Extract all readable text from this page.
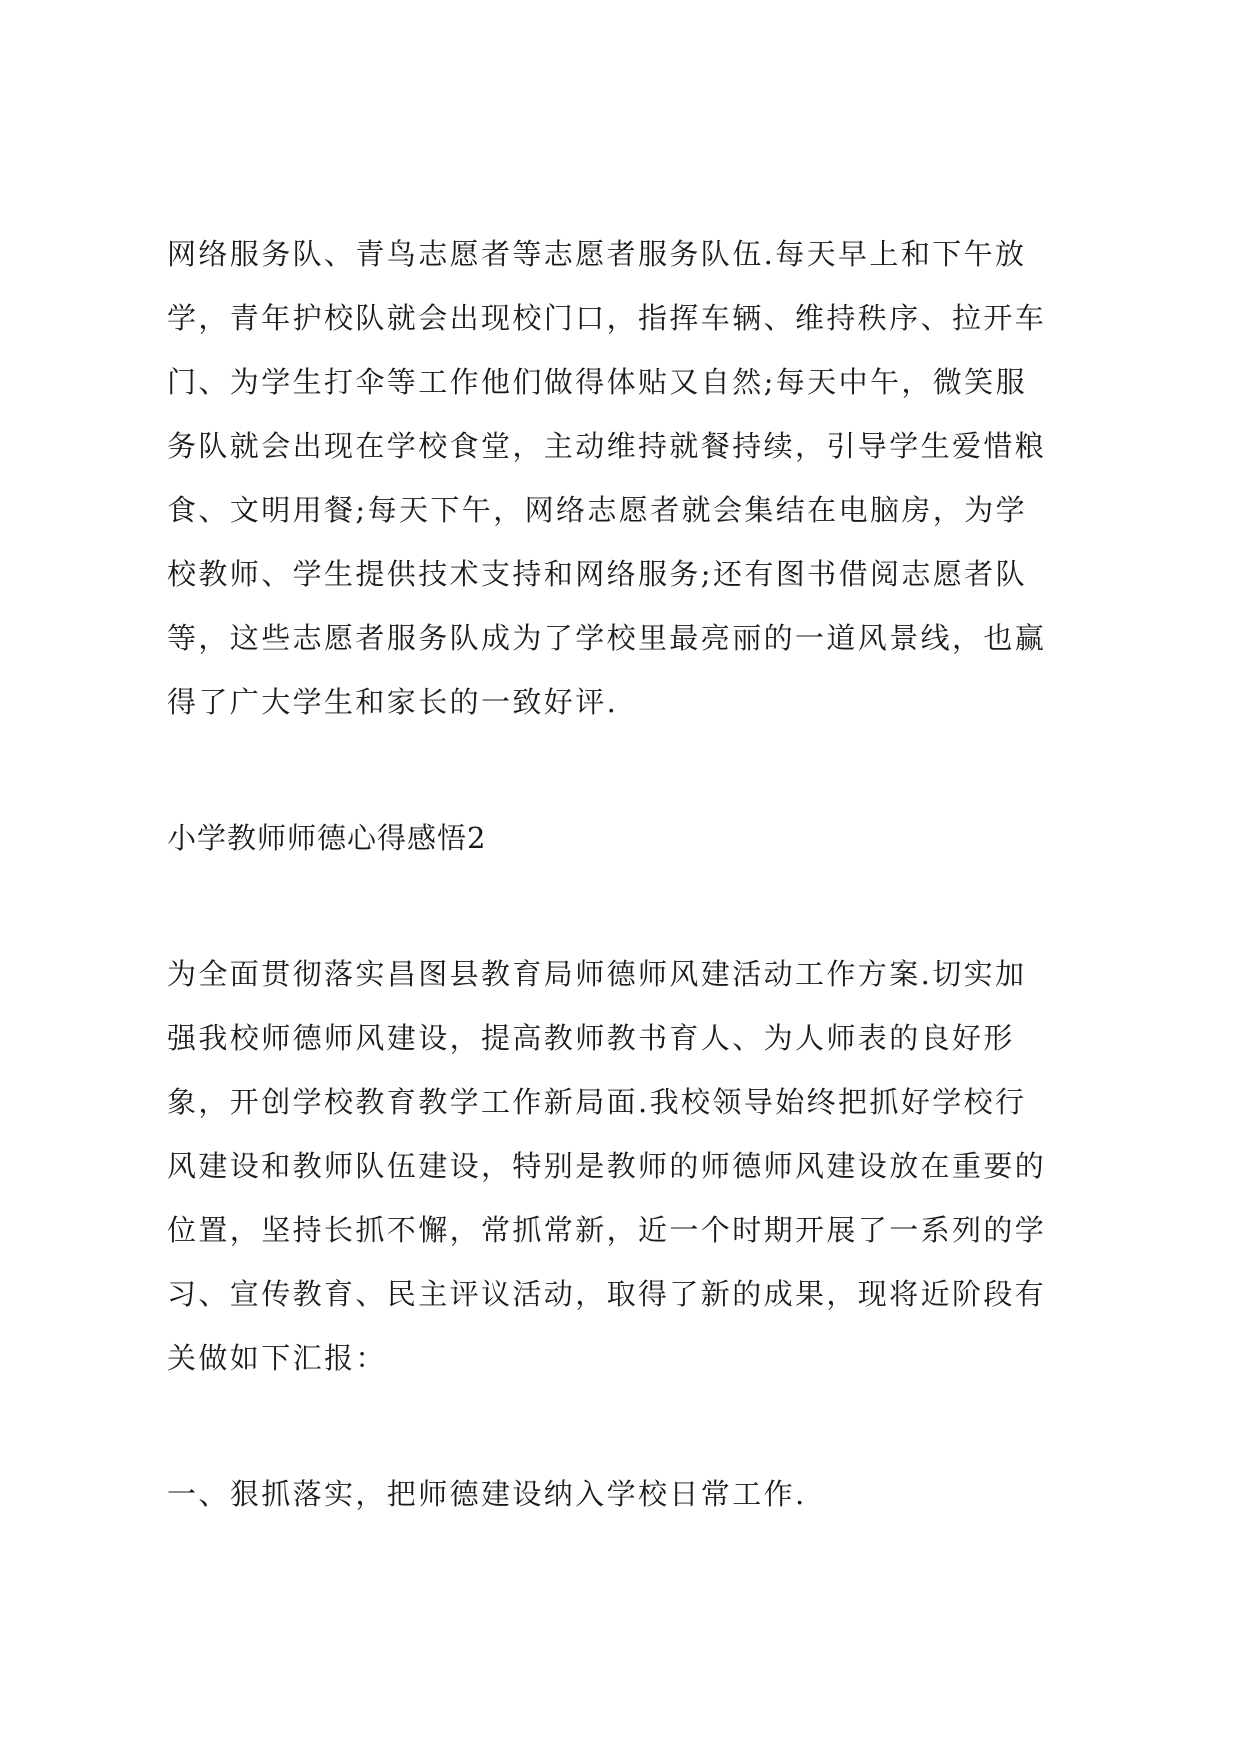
网络服务队、青鸟志愿者等志愿者服务队伍.每天早上和下午放
学，青年护校队就会出现校门口，指挥车辆、维持秩序、拉开车
门、为学生打伞等工作他们做得体贴又自然;每天中午，微笑服
务队就会出现在学校食堂，主动维持就餐持续，引导学生爱惜粮
食、文明用餐;每天下午，网络志愿者就会集结在电脑房，为学
校教师、学生提供技术支持和网络服务;还有图书借阅志愿者队
等，这些志愿者服务队成为了学校里最亮丽的一道风景线，也赢
得了广大学生和家长的一致好评.
小学教师师德心得感悟2
为全面贯彻落实昌图县教育局师德师风建活动工作方案.切实加
强我校师德师风建设，提高教师教书育人、为人师表的良好形
象，开创学校教育教学工作新局面.我校领导始终把抓好学校行
风建设和教师队伍建设，特别是教师的师德师风建设放在重要的
位置，坚持长抓不懈，常抓常新，近一个时期开展了一系列的学
习、宣传教育、民主评议活动，取得了新的成果，现将近阶段有
关做如下汇报：
一、狠抓落实，把师德建设纳入学校日常工作.
